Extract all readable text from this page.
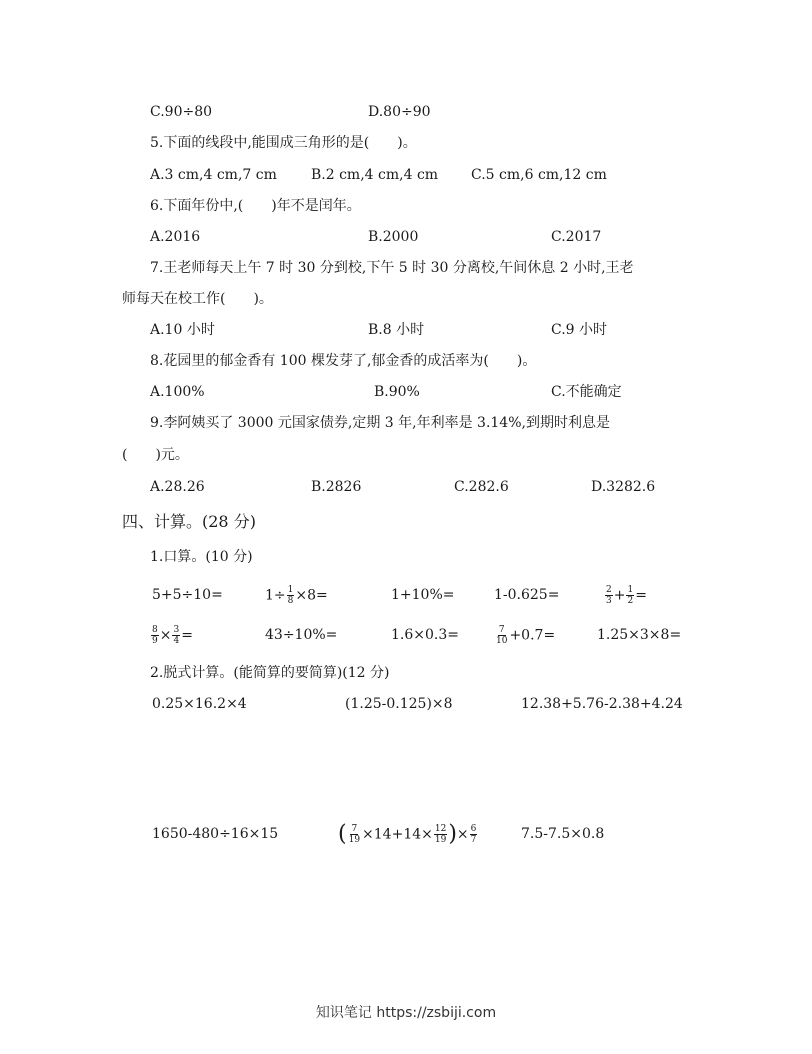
C.90÷80	D.80÷90
5.下面的线段中,能围成三角形的是(　　)。
A.3 cm,4 cm,7 cm B.2 cm,4 cm,4 cm C.5 cm,6 cm,12 cm
6.下面年份中,(　　)年不是闰年。
A.2016	B.2000	C.2017
7.王老师每天上午 7 时 30 分到校,下午 5 时 30 分离校,午间休息 2 小时,王老
师每天在校工作(　　)。
A.10 小时	B.8 小时	C.9 小时
8.花园里的郁金香有 100 棵发芽了,郁金香的成活率为(　　)。
A.100%	B.90%	C.不能确定
9.李阿姨买了 3000 元国家债券,定期 3 年,年利率是 3.14%,到期时利息是
(　　)元。
A.28.26	B.2826	C.282.6	D.3282.6
四、计算。(28 分)
1.口算。(10 分)
5+5÷10=	$1\div \frac{1}{8} \times 8=$	1+10%=	1-0.625=	$\frac{2}{3} + \frac{1}{2}$ =
$\frac{8}{9} \times \frac{3}{4}$ =	43÷10%=	1.6×0.3=	$\frac{7}{10} +0.7=$	1.25×3×8=
2.脱式计算。(能简算的要简算)(12 分)
0.25×16.2×4	(1.25-0.125)×8	12.38+5.76-2.38+4.24
1650-480÷16×15	( $\frac{7}{19} \times 14+14\times \frac{12}{19}$ )× $\frac{6}{7}$	7.5-7.5×0.8
知识笔记 https://zsbiji.com
